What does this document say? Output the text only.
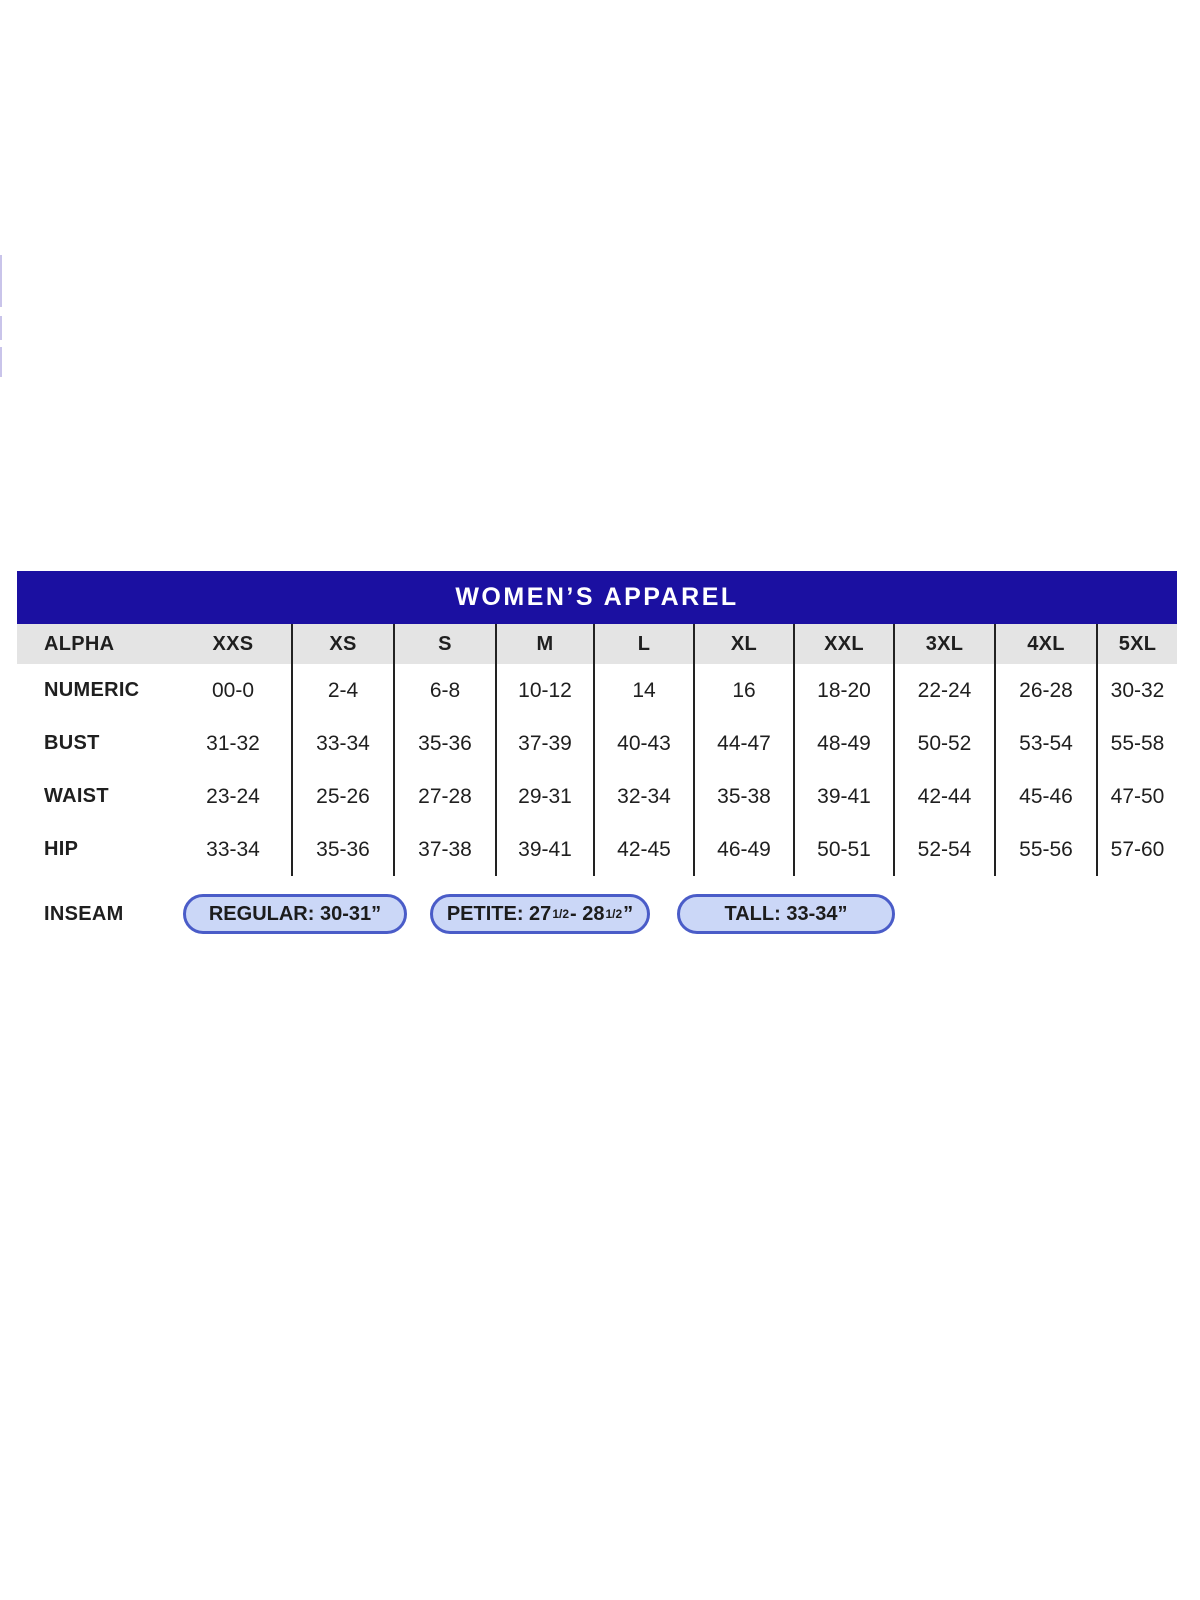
WOMEN’S APPAREL
ALPHA	XXS	XS	S	M	L	XL	XXL	3XL	4XL	5XL
NUMERIC	00-0	2-4	6-8	10-12	14	16	18-20	22-24	26-28	30-32
BUST	31-32	33-34	35-36	37-39	40-43	44-47	48-49	50-52	53-54	55-58
WAIST	23-24	25-26	27-28	29-31	32-34	35-38	39-41	42-44	45-46	47-50
HIP	33-34	35-36	37-38	39-41	42-45	46-49	50-51	52-54	55-56	57-60
INSEAM	REGULAR: 30-31”	PETITE: 27 1/2 - 28 1/2 ”	TALL: 33-34”
